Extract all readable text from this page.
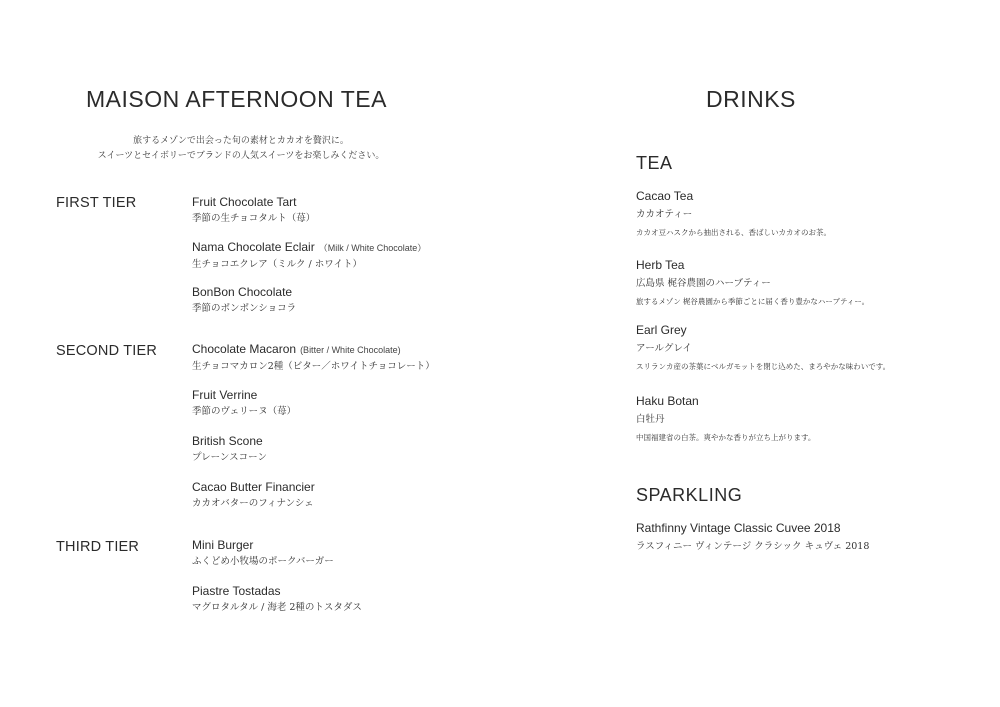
MAISON AFTERNOON TEA
旅するメゾンで出会った旬の素材とカカオを贅沢に。
スイーツとセイボリーでブランドの人気スイーツをお楽しみください。
FIRST TIER	Fruit Chocolate Tart
季節の生チョコタルト（苺）
Nama Chocolate Eclair （Milk / White Chocolate）
生チョコエクレア（ミルク / ホワイト）
BonBon Chocolate
季節のボンボンショコラ
SECOND TIER	Chocolate Macaron (Bitter / White Chocolate)
生チョコマカロン2種（ビター／ホワイトチョコレート）
Fruit Verrine
季節のヴェリーヌ（苺）
British Scone
プレーンスコーン
Cacao Butter Financier
カカオバターのフィナンシェ
THIRD TIER	Mini Burger
ふくどめ小牧場のポークバーガー
Piastre Tostadas
マグロタルタル / 海老 2種のトスタダス
DRINKS
TEA
Cacao Tea
カカオティー
カカオ豆ハスクから抽出される、香ばしいカカオのお茶。
Herb Tea
広島県 梶谷農園のハーブティー
旅するメゾン 梶谷農園から季節ごとに届く香り豊かなハーブティー。
Earl Grey
アールグレイ
スリランカ産の茶葉にベルガモットを閉じ込めた、まろやかな味わいです。
Haku Botan
白牡丹
中国福建省の白茶。爽やかな香りが立ち上がります。
SPARKLING
Rathfinny Vintage Classic Cuvee 2018
ラスフィニー ヴィンテージ クラシック キュヴェ 2018
